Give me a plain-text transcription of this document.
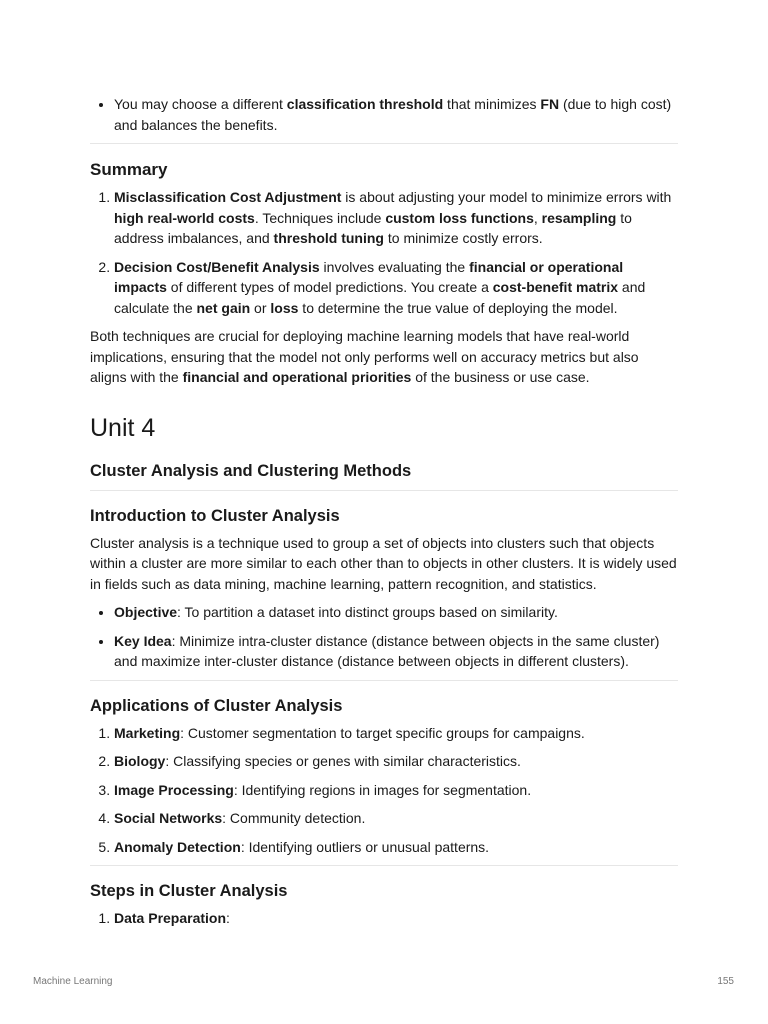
• You may choose a different classification threshold that minimizes FN (due to high cost) and balances the benefits.
Summary
1. Misclassification Cost Adjustment is about adjusting your model to minimize errors with high real-world costs. Techniques include custom loss functions, resampling to address imbalances, and threshold tuning to minimize costly errors.
2. Decision Cost/Benefit Analysis involves evaluating the financial or operational impacts of different types of model predictions. You create a cost-benefit matrix and calculate the net gain or loss to determine the true value of deploying the model.

Both techniques are crucial for deploying machine learning models that have real-world implications, ensuring that the model not only performs well on accuracy metrics but also aligns with the financial and operational priorities of the business or use case.

Unit 4
Cluster Analysis and Clustering Methods
Introduction to Cluster Analysis

Cluster analysis is a technique used to group a set of objects into clusters such that objects within a cluster are more similar to each other than to objects in other clusters. It is widely used in fields such as data mining, machine learning, pattern recognition, and statistics.

• Objective: To partition a dataset into distinct groups based on similarity.
• Key Idea: Minimize intra-cluster distance (distance between objects in the same cluster) and maximize inter-cluster distance (distance between objects in different clusters).
Applications of Cluster Analysis
1. Marketing: Customer segmentation to target specific groups for campaigns.
2. Biology: Classifying species or genes with similar characteristics.
3. Image Processing: Identifying regions in images for segmentation.
4. Social Networks: Community detection.
5. Anomaly Detection: Identifying outliers or unusual patterns.
Steps in Cluster Analysis
1. Data Preparation:
Machine Learning	155
